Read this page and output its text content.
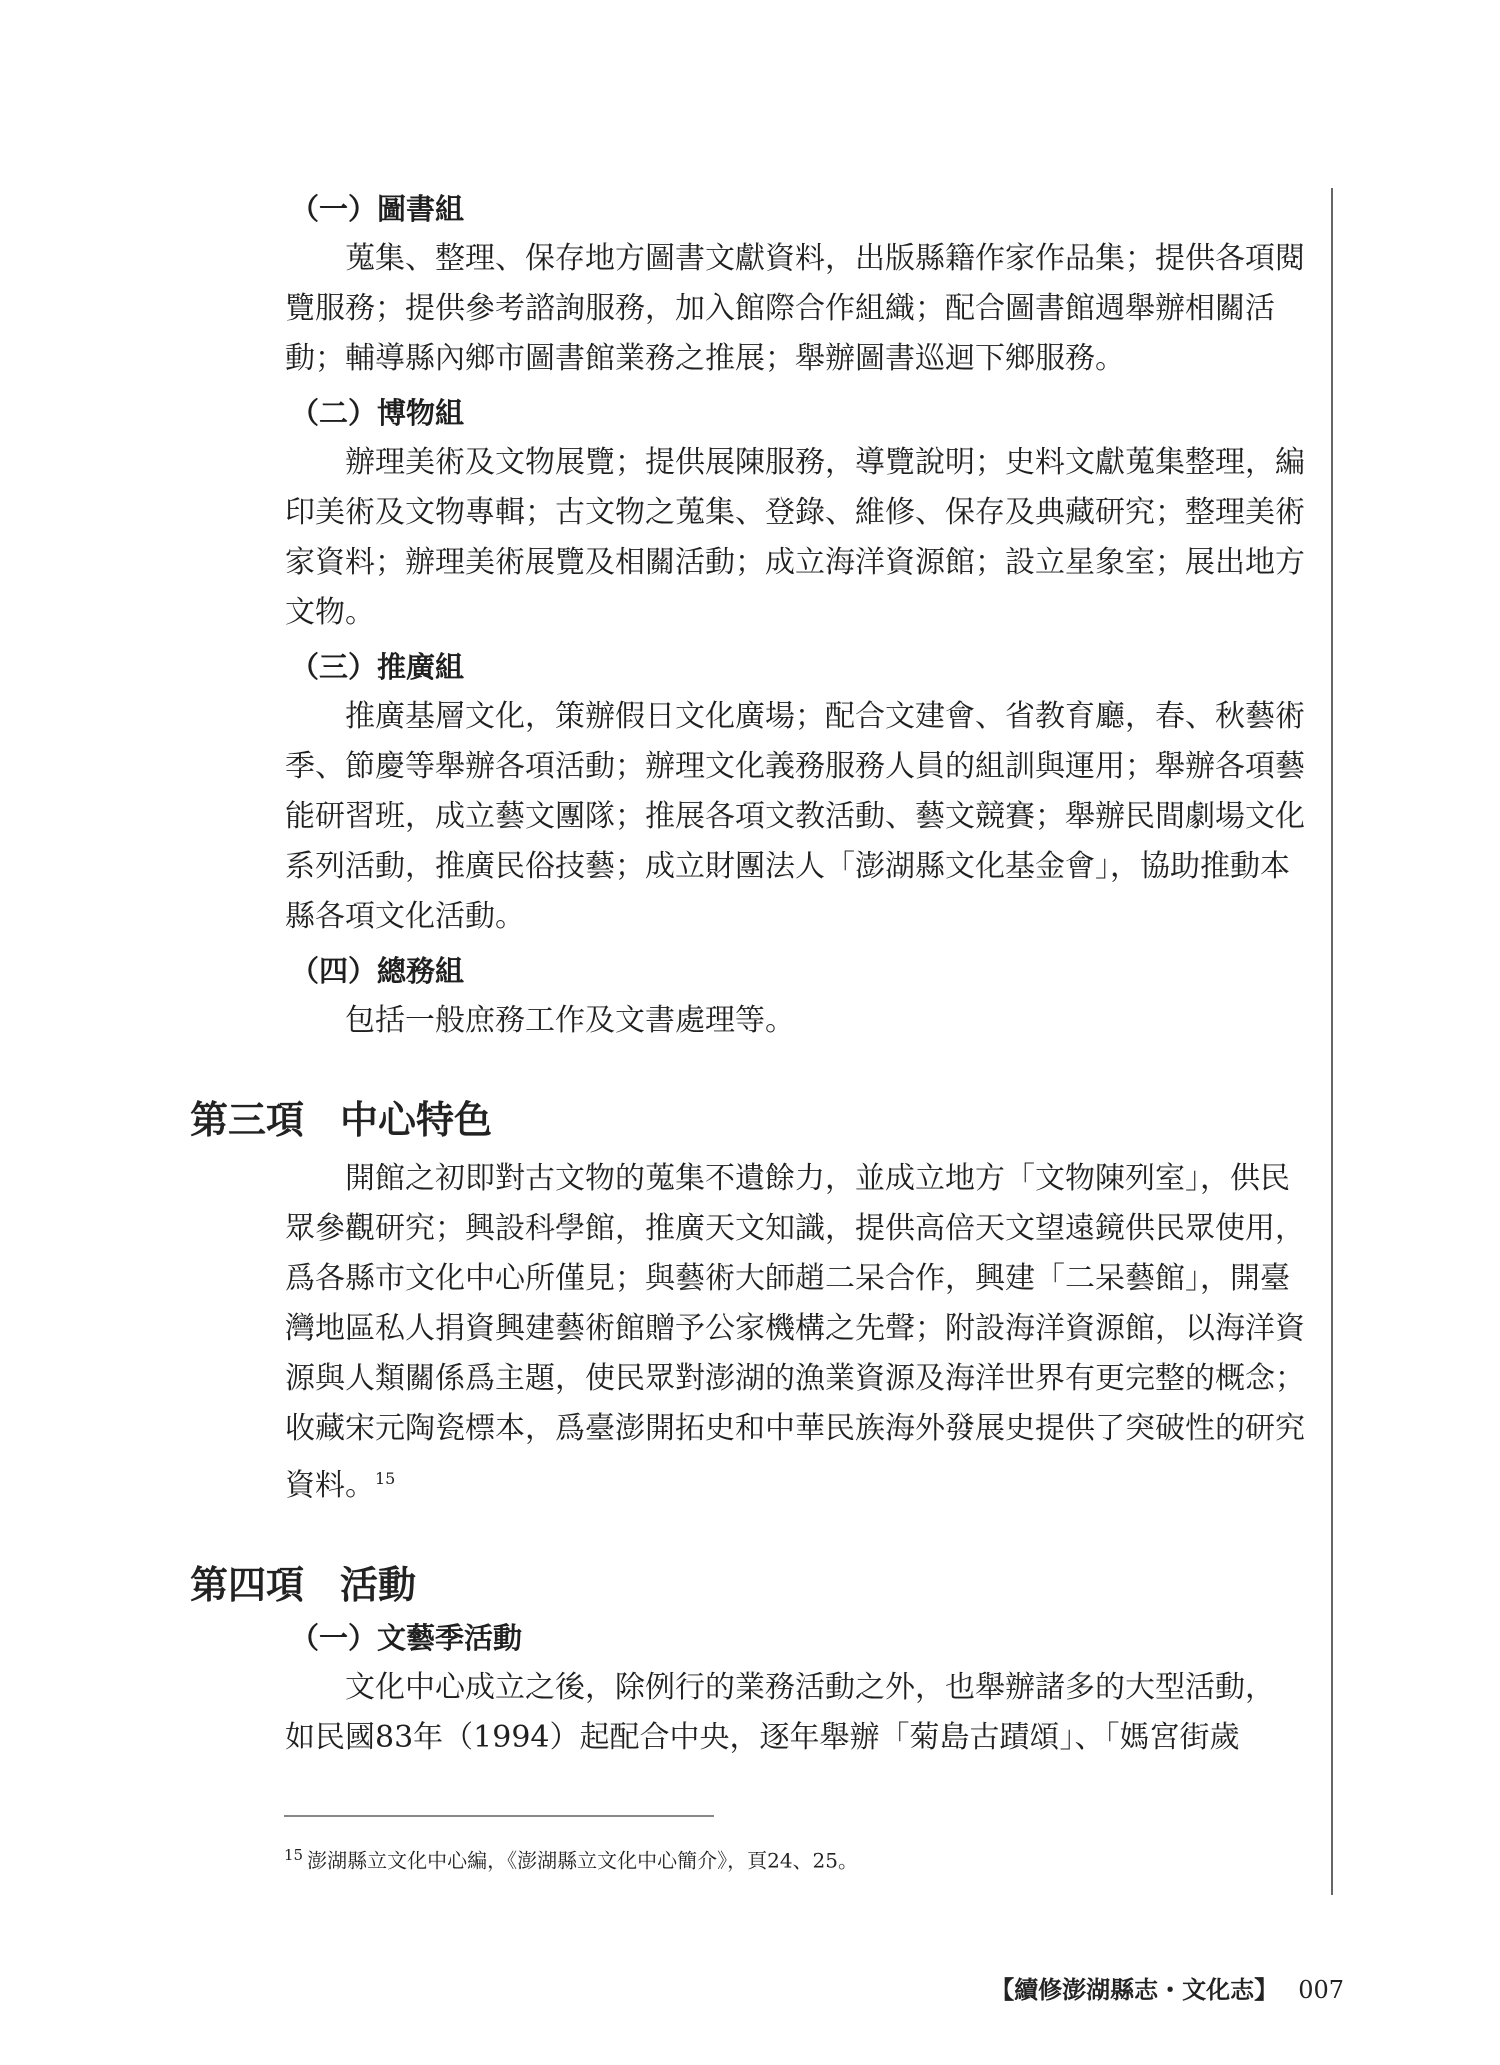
（一）圖書組

蒐集、整理、保存地方圖書文獻資料，出版縣籍作家作品集；提供各項閱

覽服務；提供參考諮詢服務，加入館際合作組織；配合圖書館週舉辦相關活

動；輔導縣內鄉市圖書館業務之推展；舉辦圖書巡迴下鄉服務。

（二）博物組

辦理美術及文物展覽；提供展陳服務，導覽說明；史料文獻蒐集整理，編

印美術及文物專輯；古文物之蒐集、登錄、維修、保存及典藏研究；整理美術

家資料；辦理美術展覽及相關活動；成立海洋資源館；設立星象室；展出地方

文物。

（三）推廣組

推廣基層文化，策辦假日文化廣場；配合文建會、省教育廳，春、秋藝術

季、節慶等舉辦各項活動；辦理文化義務服務人員的組訓與運用；舉辦各項藝

能研習班，成立藝文團隊；推展各項文教活動、藝文競賽；舉辦民間劇場文化

系列活動，推廣民俗技藝；成立財團法人「澎湖縣文化基金會」，協助推動本

縣各項文化活動。

（四）總務組

包括一般庶務工作及文書處理等。

第三項 中心特色

開館之初即對古文物的蒐集不遺餘力，並成立地方「文物陳列室」，供民

眾參觀研究；興設科學館，推廣天文知識，提供高倍天文望遠鏡供民眾使用，

爲各縣市文化中心所僅見；與藝術大師趙二呆合作，興建「二呆藝館」，開臺

灣地區私人捐資興建藝術館贈予公家機構之先聲；附設海洋資源館，以海洋資

源與人類關係爲主題，使民眾對澎湖的漁業資源及海洋世界有更完整的概念；

收藏宋元陶瓷標本，爲臺澎開拓史和中華民族海外發展史提供了突破性的研究

資料。$^{15}$

第四項 活動

（一）文藝季活動

文化中心成立之後，除例行的業務活動之外，也舉辦諸多的大型活動，

如民國83年（1994）起配合中央，逐年舉辦「菊島古蹟頌」、「媽宮街歲

$^{15}$ 澎湖縣立文化中心編，《澎湖縣立文化中心簡介》，頁24、25。
【續修澎湖縣志・文化志】 007
